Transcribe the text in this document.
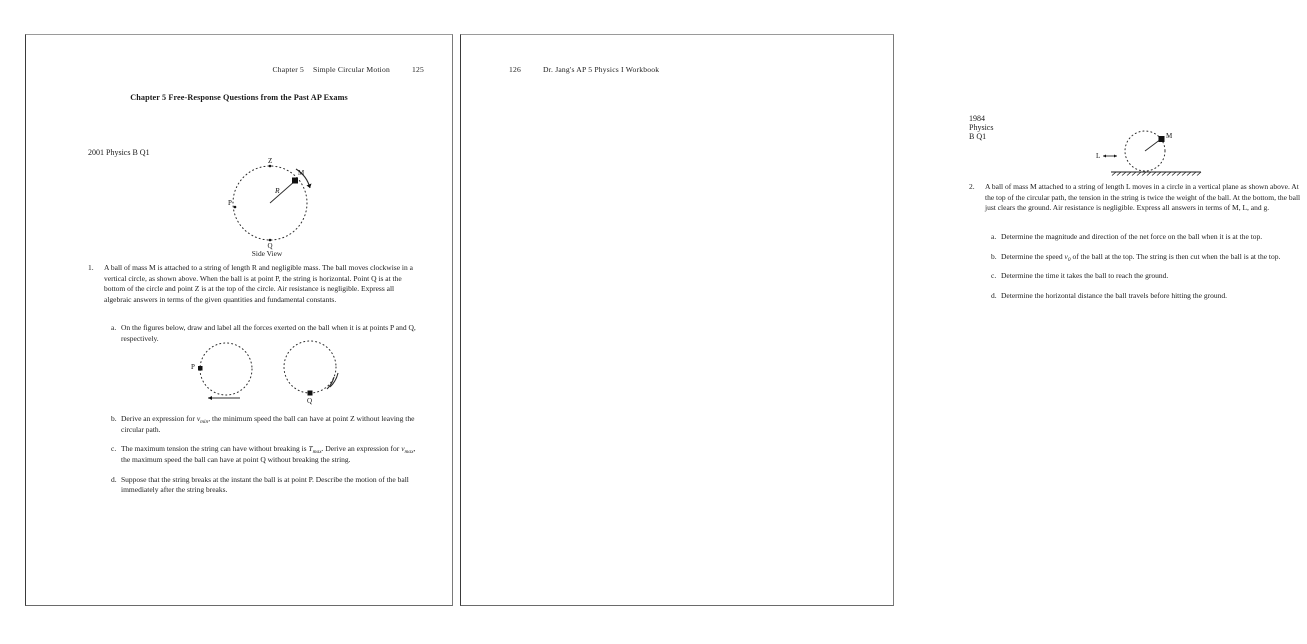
Chapter 5 Simple Circular Motion	125
Chapter 5 Free-Response Questions from the Past AP Exams
2001 Physics B Q1
Z
Q
P
M
R
Side View
1.	A ball of mass M is attached to a string of length R and negligible mass. The ball moves clockwise in a vertical circle, as shown above. When the ball is at point P, the string is horizontal. Point Q is at the bottom of the circle and point Z is at the top of the circle. Air resistance is negligible. Express all algebraic answers in terms of the given quantities and fundamental constants.
a. On the figures below, draw and label all the forces exerted on the ball when it is at points P and Q, respectively.
P
Q
b. Derive an expression for $v_{min}$, the minimum speed the ball can have at point Z without leaving the circular path.
c. The maximum tension the string can have without breaking is $T_{max}$. Derive an expression for $v_{max}$, the maximum speed the ball can have at point Q without breaking the string.
d. Suppose that the string breaks at the instant the ball is at point P. Describe the motion of the ball immediately after the string breaks.
126	Dr. Jang's AP 5 Physics I Workbook
1984 Physics B Q1	M
L
2.	A ball of mass M attached to a string of length L moves in a circle in a vertical plane as shown above. At the top of the circular path, the tension in the string is twice the weight of the ball. At the bottom, the ball just clears the ground. Air resistance is negligible. Express all answers in terms of M, L, and g.
a. Determine the magnitude and direction of the net force on the ball when it is at the top.
b. Determine the speed $v_0$ of the ball at the top. The string is then cut when the ball is at the top.
c. Determine the time it takes the ball to reach the ground.
d. Determine the horizontal distance the ball travels before hitting the ground.
